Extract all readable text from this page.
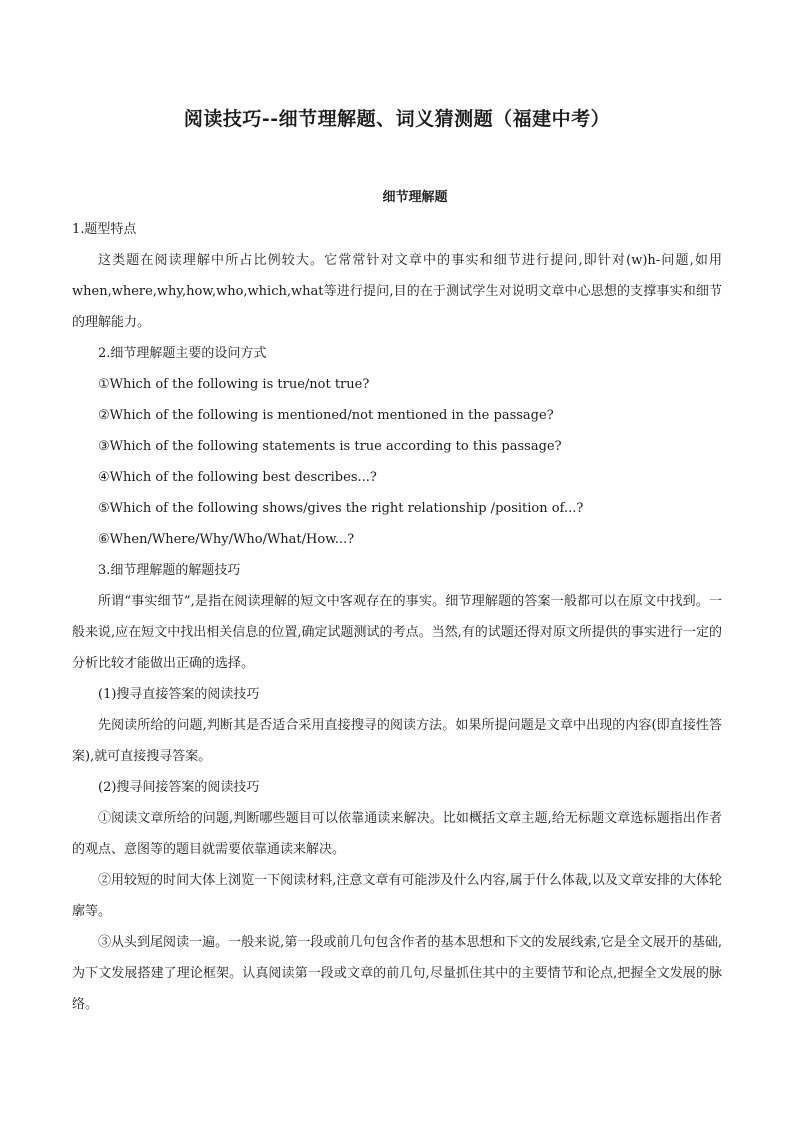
阅读技巧--细节理解题、词义猜测题（福建中考）
细节理解题

1.题型特点

这类题在阅读理解中所占比例较大。它常常针对文章中的事实和细节进行提问,即针对(w)h-问题,如用when,where,why,how,who,which,what等进行提问,目的在于测试学生对说明文章中心思想的支撑事实和细节的理解能力。

2.细节理解题主要的设问方式

①Which of the following is true/not true?

②Which of the following is mentioned/not mentioned in the passage?

③Which of the following statements is true according to this passage?

④Which of the following best describes...?

⑤Which of the following shows/gives the right relationship /position of...?

⑥When/Where/Why/Who/What/How...?

3.细节理解题的解题技巧

所谓“事实细节”,是指在阅读理解的短文中客观存在的事实。细节理解题的答案一般都可以在原文中找到。一般来说,应在短文中找出相关信息的位置,确定试题测试的考点。当然,有的试题还得对原文所提供的事实进行一定的分析比较才能做出正确的选择。

(1)搜寻直接答案的阅读技巧

先阅读所给的问题,判断其是否适合采用直接搜寻的阅读方法。如果所提问题是文章中出现的内容(即直接性答案),就可直接搜寻答案。

(2)搜寻间接答案的阅读技巧

①阅读文章所给的问题,判断哪些题目可以依靠通读来解决。比如概括文章主题,给无标题文章选标题指出作者的观点、意图等的题目就需要依靠通读来解决。

②用较短的时间大体上浏览一下阅读材料,注意文章有可能涉及什么内容,属于什么体裁,以及文章安排的大体轮廓等。

③从头到尾阅读一遍。一般来说,第一段或前几句包含作者的基本思想和下文的发展线索,它是全文展开的基础,为下文发展搭建了理论框架。认真阅读第一段或文章的前几句,尽量抓住其中的主要情节和论点,把握全文发展的脉络。
